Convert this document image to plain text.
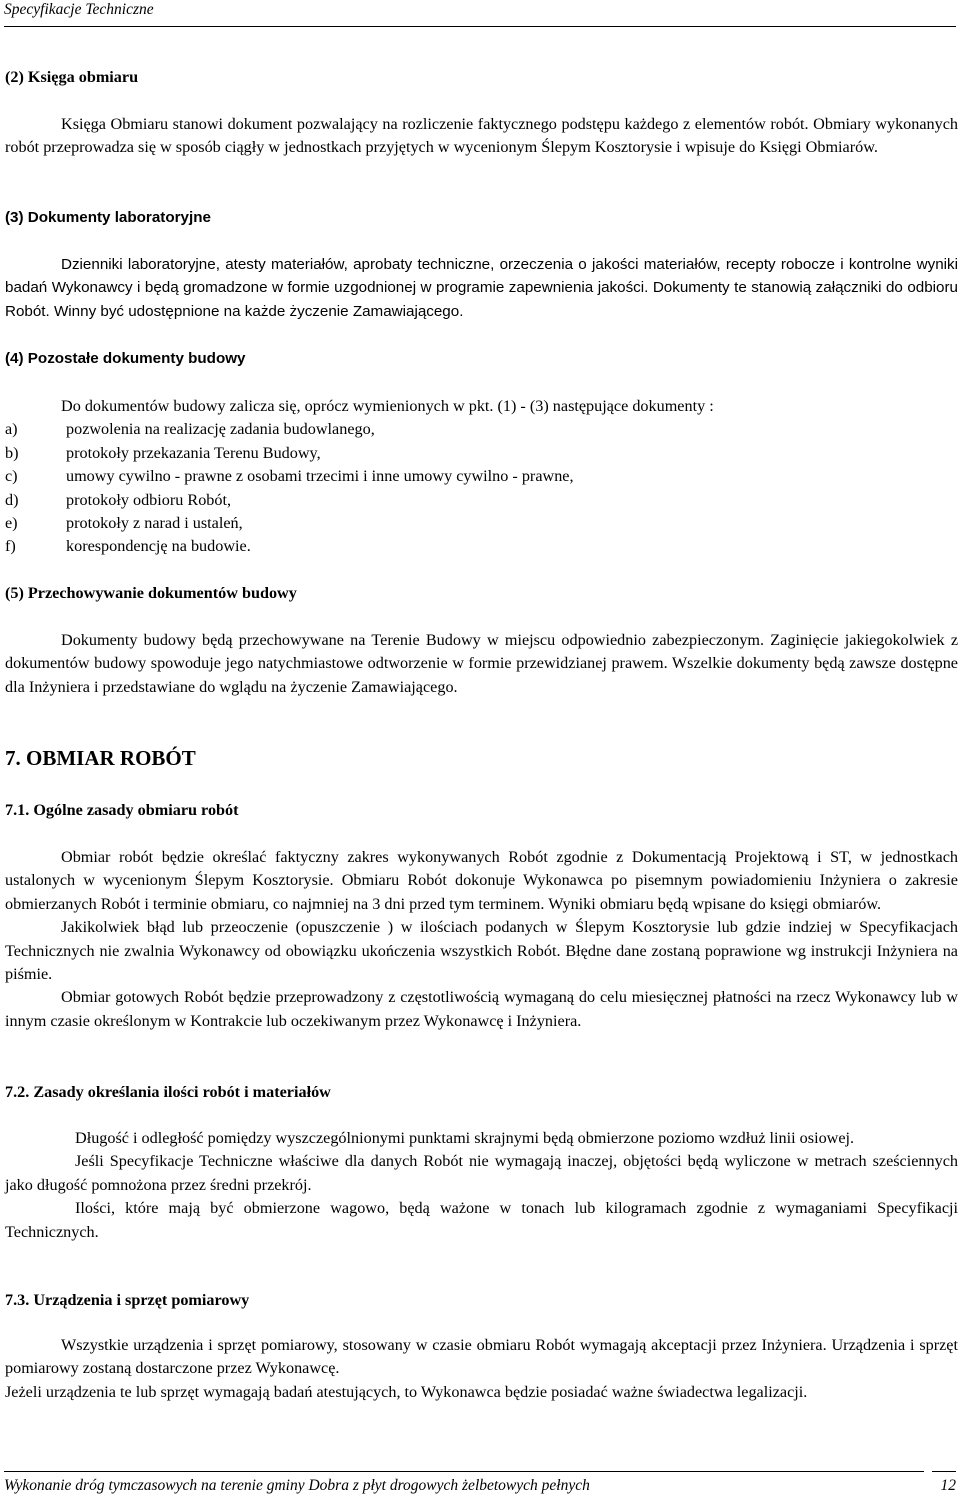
Specyfikacje Techniczne
(2) Księga obmiaru

Księga Obmiaru stanowi dokument pozwalający na rozliczenie faktycznego podstępu każdego z elementów robót. Obmiary wykonanych robót przeprowadza się w sposób ciągły w jednostkach przyjętych w wycenionym Ślepym Kosztorysie i wpisuje do Księgi Obmiarów.

(3) Dokumenty laboratoryjne

Dzienniki laboratoryjne, atesty materiałów, aprobaty techniczne, orzeczenia o jakości materiałów, recepty robocze i kontrolne wyniki badań Wykonawcy i będą gromadzone w formie uzgodnionej w programie zapewnienia jakości. Dokumenty te stanowią załączniki do odbioru Robót. Winny być udostępnione na każde życzenie Zamawiającego.

(4) Pozostałe dokumenty budowy

Do dokumentów budowy zalicza się, oprócz wymienionych w pkt. (1) - (3) następujące dokumenty :

a)	pozwolenia na realizację zadania budowlanego,
b)	protokoły przekazania Terenu Budowy,
c)	umowy cywilno - prawne z osobami trzecimi i inne umowy cywilno - prawne,
d)	protokoły odbioru Robót,
e)	protokoły z narad i ustaleń,
f)	korespondencję na budowie.
(5) Przechowywanie dokumentów budowy

Dokumenty budowy będą przechowywane na Terenie Budowy w miejscu odpowiednio zabezpieczonym. Zaginięcie jakiegokolwiek z dokumentów budowy spowoduje jego natychmiastowe odtworzenie w formie przewidzianej prawem. Wszelkie dokumenty będą zawsze dostępne dla Inżyniera i przedstawiane do wglądu na życzenie Zamawiającego.

7. OBMIAR ROBÓT
7.1. Ogólne zasady obmiaru robót

Obmiar robót będzie określać faktyczny zakres wykonywanych Robót zgodnie z Dokumentacją Projektową i ST, w jednostkach ustalonych w wycenionym Ślepym Kosztorysie. Obmiaru Robót dokonuje Wykonawca po pisemnym powiadomieniu Inżyniera o zakresie obmierzanych Robót i terminie obmiaru, co najmniej na 3 dni przed tym terminem. Wyniki obmiaru będą wpisane do księgi obmiarów.

Jakikolwiek błąd lub przeoczenie (opuszczenie ) w ilościach podanych w Ślepym Kosztorysie lub gdzie indziej w Specyfikacjach Technicznych nie zwalnia Wykonawcy od obowiązku ukończenia wszystkich Robót. Błędne dane zostaną poprawione wg instrukcji Inżyniera na piśmie.

Obmiar gotowych Robót będzie przeprowadzony z częstotliwością wymaganą do celu miesięcznej płatności na rzecz Wykonawcy lub w innym czasie określonym w Kontrakcie lub oczekiwanym przez Wykonawcę i Inżyniera.

7.2. Zasady określania ilości robót i materiałów

Długość i odległość pomiędzy wyszczególnionymi punktami skrajnymi będą obmierzone poziomo wzdłuż linii osiowej.

Jeśli Specyfikacje Techniczne właściwe dla danych Robót nie wymagają inaczej, objętości będą wyliczone w metrach sześciennych jako długość pomnożona przez średni przekrój.

Ilości, które mają być obmierzone wagowo, będą ważone w tonach lub kilogramach zgodnie z wymaganiami Specyfikacji Technicznych.

7.3. Urządzenia i sprzęt pomiarowy

Wszystkie urządzenia i sprzęt pomiarowy, stosowany w czasie obmiaru Robót wymagają akceptacji przez Inżyniera. Urządzenia i sprzęt pomiarowy zostaną dostarczone przez Wykonawcę.

Jeżeli urządzenia te lub sprzęt wymagają badań atestujących, to Wykonawca będzie posiadać ważne świadectwa legalizacji.

Wykonanie dróg tymczasowych na terenie gminy Dobra z płyt drogowych żelbetowych pełnych	12
